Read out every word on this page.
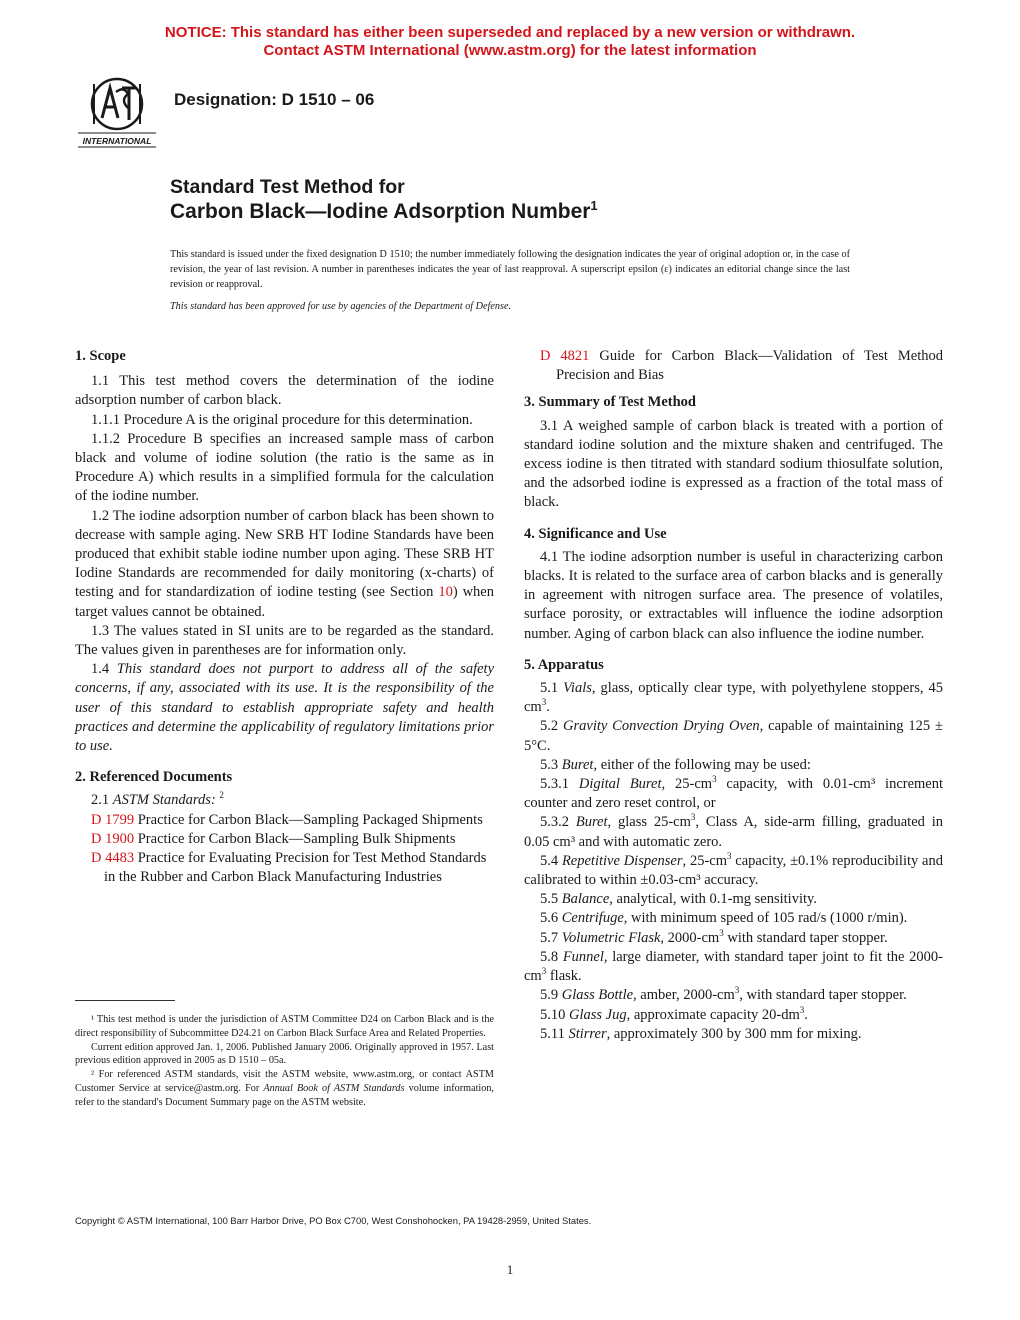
NOTICE: This standard has either been superseded and replaced by a new version or withdrawn.
Contact ASTM International (www.astm.org) for the latest information
INTERNATIONAL
Designation: D 1510 – 06
Standard Test Method for
Carbon Black—Iodine Adsorption Number$^1$
This standard is issued under the fixed designation D 1510; the number immediately following the designation indicates the year of original adoption or, in the case of revision, the year of last revision. A number in parentheses indicates the year of last reapproval. A superscript epsilon (ε) indicates an editorial change since the last revision or reapproval.
This standard has been approved for use by agencies of the Department of Defense.

1. Scope

1.1 This test method covers the determination of the iodine adsorption number of carbon black.

1.1.1 Procedure A is the original procedure for this determination.

1.1.2 Procedure B specifies an increased sample mass of carbon black and volume of iodine solution (the ratio is the same as in Procedure A) which results in a simplified formula for the calculation of the iodine number.

1.2 The iodine adsorption number of carbon black has been shown to decrease with sample aging. New SRB HT Iodine Standards have been produced that exhibit stable iodine number upon aging. These SRB HT Iodine Standards are recommended for daily monitoring (x-charts) of testing and for standardization of iodine testing (see Section 10) when target values cannot be obtained.

1.3 The values stated in SI units are to be regarded as the standard. The values given in parentheses are for information only.

1.4 This standard does not purport to address all of the safety concerns, if any, associated with its use. It is the responsibility of the user of this standard to establish appropriate safety and health practices and determine the applicability of regulatory limitations prior to use.

2. Referenced Documents

2.1 ASTM Standards: $^2$

D 1799 Practice for Carbon Black—Sampling Packaged Shipments

D 1900 Practice for Carbon Black—Sampling Bulk Shipments

D 4483 Practice for Evaluating Precision for Test Method Standards in the Rubber and Carbon Black Manufacturing Industries

¹ This test method is under the jurisdiction of ASTM Committee D24 on Carbon Black and is the direct responsibility of Subcommittee D24.21 on Carbon Black Surface Area and Related Properties.

Current edition approved Jan. 1, 2006. Published January 2006. Originally approved in 1957. Last previous edition approved in 2005 as D 1510 – 05a.

² For referenced ASTM standards, visit the ASTM website, www.astm.org, or contact ASTM Customer Service at service@astm.org. For Annual Book of ASTM Standards volume information, refer to the standard's Document Summary page on the ASTM website.

D 4821 Guide for Carbon Black—Validation of Test Method Precision and Bias

3. Summary of Test Method

3.1 A weighed sample of carbon black is treated with a portion of standard iodine solution and the mixture shaken and centrifuged. The excess iodine is then titrated with standard sodium thiosulfate solution, and the adsorbed iodine is expressed as a fraction of the total mass of black.

4. Significance and Use

4.1 The iodine adsorption number is useful in characterizing carbon blacks. It is related to the surface area of carbon blacks and is generally in agreement with nitrogen surface area. The presence of volatiles, surface porosity, or extractables will influence the iodine adsorption number. Aging of carbon black can also influence the iodine number.

5. Apparatus

5.1 Vials, glass, optically clear type, with polyethylene stoppers, 45 $cm^3$.

5.2 Gravity Convection Drying Oven, capable of maintaining 125 ± 5°C.

5.3 Buret, either of the following may be used:

5.3.1 Digital Buret, $25-cm^3$ capacity, with 0.01-cm³ increment counter and zero reset control, or

5.3.2 Buret, glass $25-cm^3$, Class A, side-arm filling, graduated in 0.05 cm³ and with automatic zero.

5.4 Repetitive Dispenser, $25-cm^3$ capacity, ±0.1% reproducibility and calibrated to within ±0.03-cm³ accuracy.

5.5 Balance, analytical, with 0.1-mg sensitivity.

5.6 Centrifuge, with minimum speed of 105 rad/s (1000 r/min).

5.7 Volumetric Flask, $2000-cm^3$ with standard taper stopper.

5.8 Funnel, large diameter, with standard taper joint to fit the $2000-cm^3$ flask.

5.9 Glass Bottle, amber, $2000-cm^3$, with standard taper stopper.

5.10 Glass Jug, approximate capacity $20-dm^3$.

5.11 Stirrer, approximately 300 by 300 mm for mixing.

Copyright © ASTM International, 100 Barr Harbor Drive, PO Box C700, West Conshohocken, PA 19428-2959, United States.
1
